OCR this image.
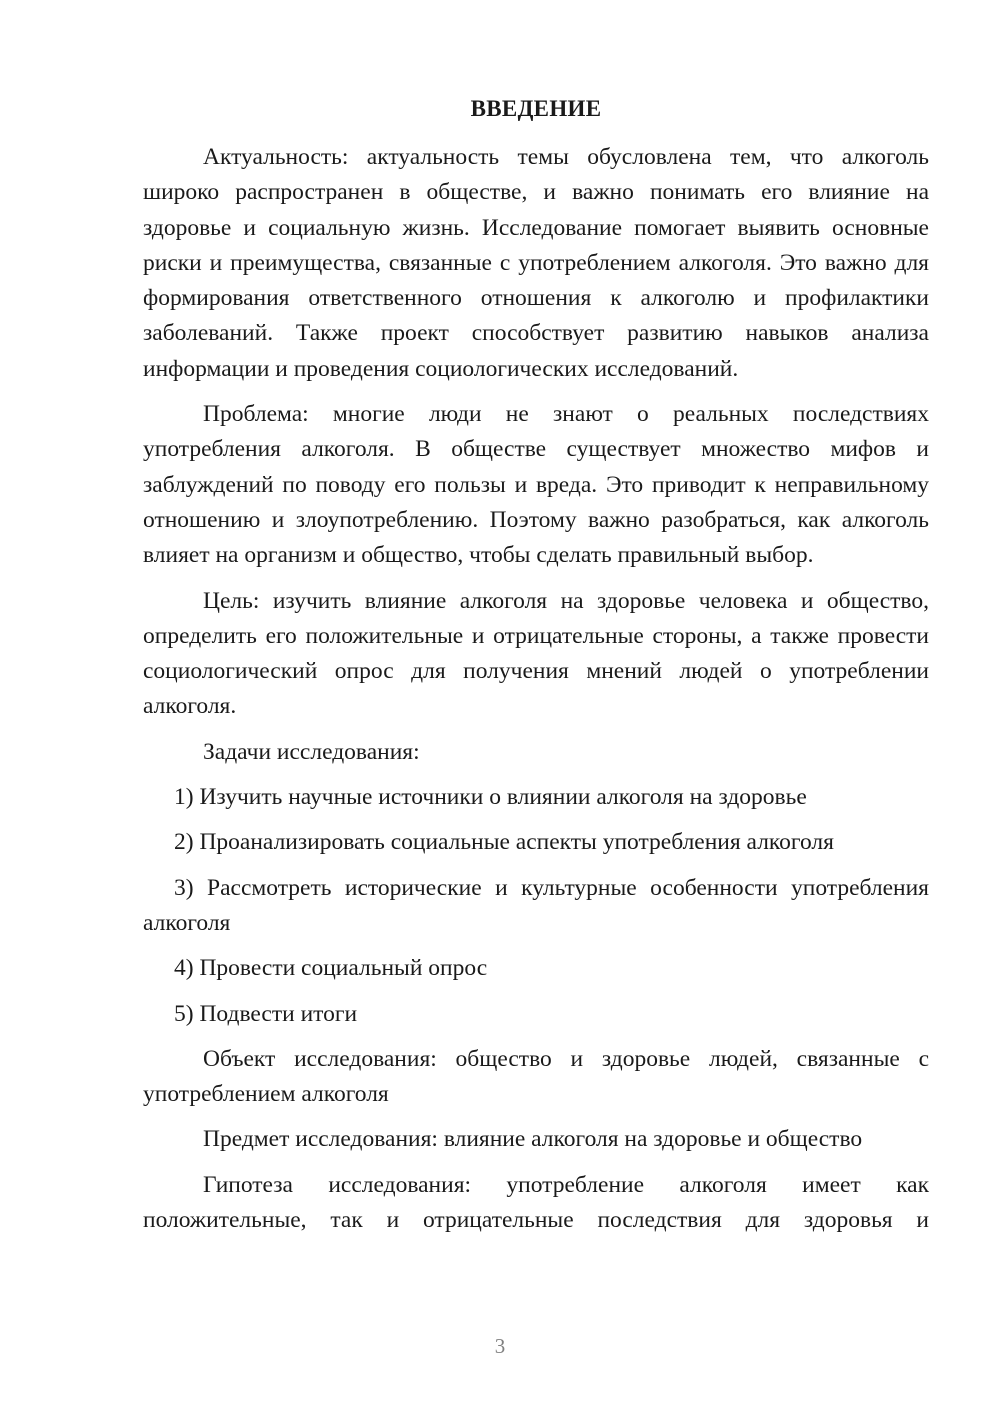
ВВЕДЕНИЕ

Актуальность: актуальность темы обусловлена тем, что алкоголь широко распространен в обществе, и важно понимать его влияние на здоровье и социальную жизнь. Исследование помогает выявить основные риски и преимущества, связанные с употреблением алкоголя. Это важно для формирования ответственного отношения к алкоголю и профилактики заболеваний. Также проект способствует развитию навыков анализа информации и проведения социологических исследований.

Проблема: многие люди не знают о реальных последствиях употребления алкоголя. В обществе существует множество мифов и заблуждений по поводу его пользы и вреда. Это приводит к неправильному отношению и злоупотреблению. Поэтому важно разобраться, как алкоголь влияет на организм и общество, чтобы сделать правильный выбор.

Цель: изучить влияние алкоголя на здоровье человека и общество, определить его положительные и отрицательные стороны, а также провести социологический опрос для получения мнений людей о употреблении алкоголя.

Задачи исследования:

1) Изучить научные источники о влиянии алкоголя на здоровье

2) Проанализировать социальные аспекты употребления алкоголя

3) Рассмотреть исторические и культурные особенности употребления алкоголя

4) Провести социальный опрос

5) Подвести итоги

Объект исследования: общество и здоровье людей, связанные с употреблением алкоголя

Предмет исследования: влияние алкоголя на здоровье и общество

Гипотеза исследования: употребление алкоголя имеет как положительные, так и отрицательные последствия для здоровья и

3
